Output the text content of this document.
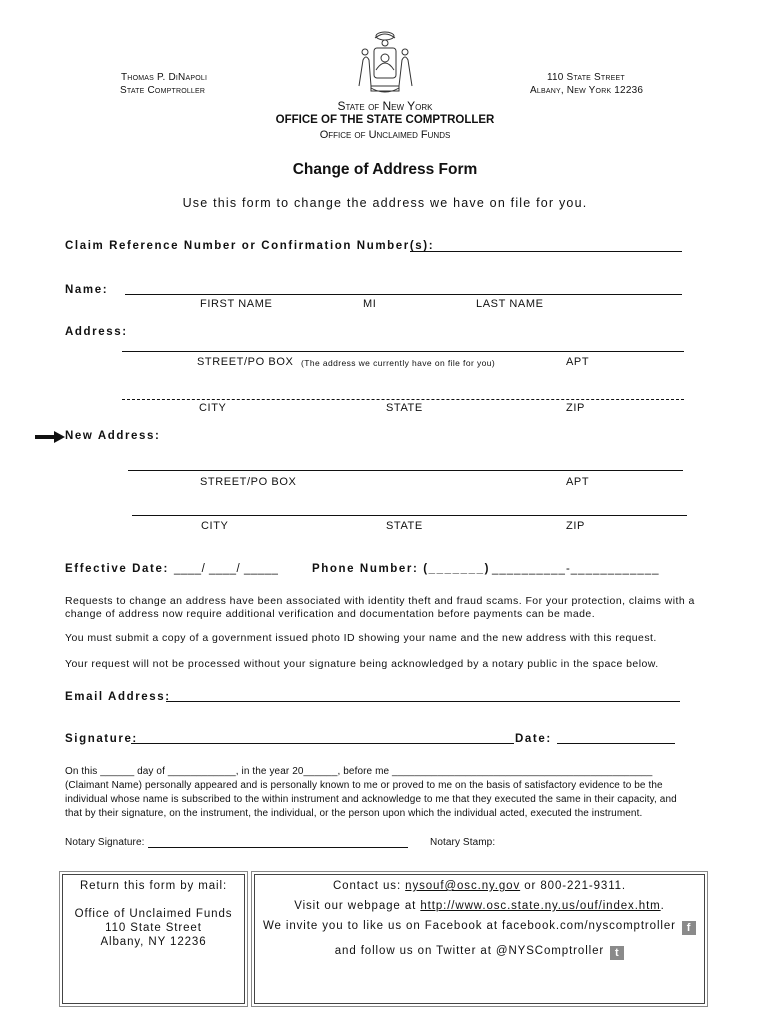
Thomas P. DiNapoli
State Comptroller
110 State Street
Albany, New York 12236
State of New York
OFFICE OF THE STATE COMPTROLLER
Office of Unclaimed Funds
Change of Address Form
Use this form to change the address we have on file for you.
Claim Reference Number or Confirmation Number(s):
Name:
FIRST NAME	MI	LAST NAME
Address:
STREET/PO BOX (The address we currently have on file for you)	APT
CITY	STATE	ZIP
New Address:
STREET/PO BOX	APT
CITY	STATE	ZIP
Effective Date: ____/ ____/ _____	Phone Number: (_______) __________-____________
Requests to change an address have been associated with identity theft and fraud scams. For your protection, claims with a
change of address now require additional verification and documentation before payments can be made.
You must submit a copy of a government issued photo ID showing your name and the new address with this request.
Your request will not be processed without your signature being acknowledged by a notary public in the space below.
Email Address:
Signature:	Date:
On this ______ day of ____________, in the year 20______, before me ______________________________________________
(Claimant Name) personally appeared and is personally known to me or proved to me on the basis of satisfactory evidence to be the
individual whose name is subscribed to the within instrument and acknowledge to me that they executed the same in their capacity, and
that by their signature, on the instrument, the individual, or the person upon which the individual acted, executed the instrument.
Notary Signature:	Notary Stamp:
Return this form by mail:
Office of Unclaimed Funds
110 State Street
Albany, NY 12236
Contact us: nysouf@osc.ny.gov or 800-221-9311.
Visit our webpage at http://www.osc.state.ny.us/ouf/index.htm.
We invite you to like us on Facebook at facebook.com/nyscomptroller f
and follow us on Twitter at @NYSComptroller t
